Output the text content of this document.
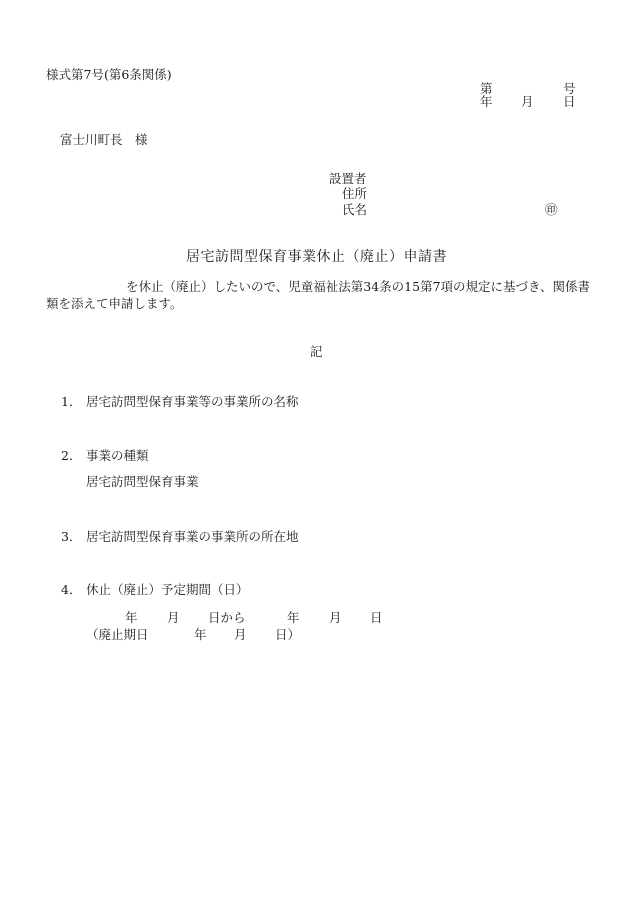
様式第7号(第6条関係)
第	号
年 月 日
富士川町長　様
設置者
住所
氏名	㊞
居宅訪問型保育事業休止（廃止）申請書
を休止（廃止）したいので、児童福祉法第34条の15第7項の規定に基づき、関係書類を添えて申請します。
記
1． 居宅訪問型保育事業等の事業所の名称
2． 事業の種類
居宅訪問型保育事業
3． 居宅訪問型保育事業の事業所の所在地
4． 休止（廃止）予定期間（日）
年 月 日から	年 月 日
（廃止期日	年 月 日）
